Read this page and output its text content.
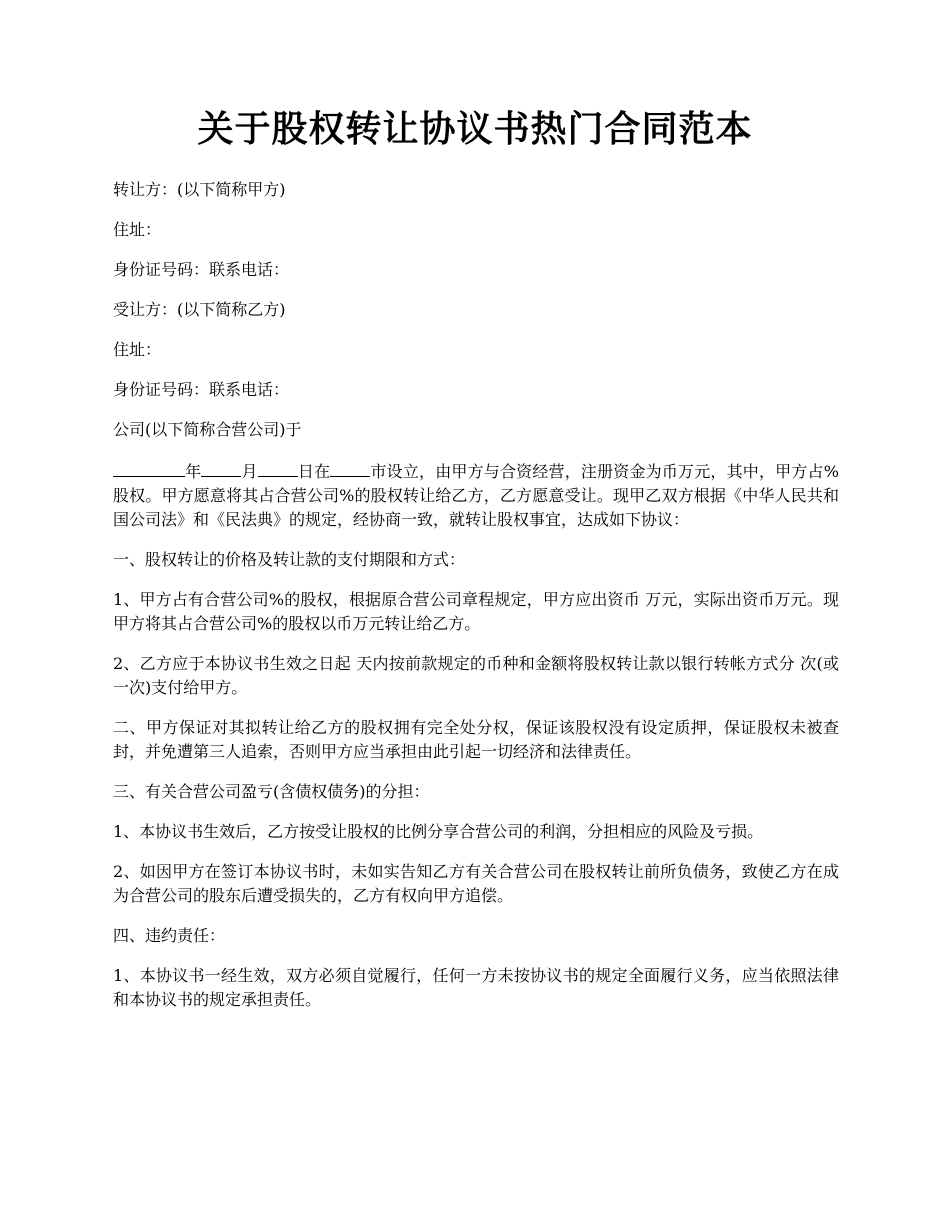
关于股权转让协议书热门合同范本

转让方：(以下简称甲方)

住址：

身份证号码：联系电话：

受让方：(以下简称乙方)

住址：

身份证号码：联系电话：

公司(以下简称合营公司)于

年	月	日在	市设立，由甲方与合资经营，注册资金为币万元，其中，甲方占%股权。甲方愿意将其占合营公司%的股权转让给乙方，乙方愿意受让。现甲乙双方根据《中华人民共和国公司法》和《民法典》的规定，经协商一致，就转让股权事宜，达成如下协议：

一、股权转让的价格及转让款的支付期限和方式：

1、甲方占有合营公司%的股权，根据原合营公司章程规定，甲方应出资币 万元，实际出资币万元。现甲方将其占合营公司%的股权以币万元转让给乙方。

2、乙方应于本协议书生效之日起 天内按前款规定的币种和金额将股权转让款以银行转帐方式分 次(或一次)支付给甲方。

二、甲方保证对其拟转让给乙方的股权拥有完全处分权，保证该股权没有设定质押，保证股权未被查封，并免遭第三人追索，否则甲方应当承担由此引起一切经济和法律责任。

三、有关合营公司盈亏(含债权债务)的分担：

1、本协议书生效后，乙方按受让股权的比例分享合营公司的利润，分担相应的风险及亏损。

2、如因甲方在签订本协议书时，未如实告知乙方有关合营公司在股权转让前所负债务，致使乙方在成为合营公司的股东后遭受损失的，乙方有权向甲方追偿。

四、违约责任：

1、本协议书一经生效，双方必须自觉履行，任何一方未按协议书的规定全面履行义务，应当依照法律和本协议书的规定承担责任。
